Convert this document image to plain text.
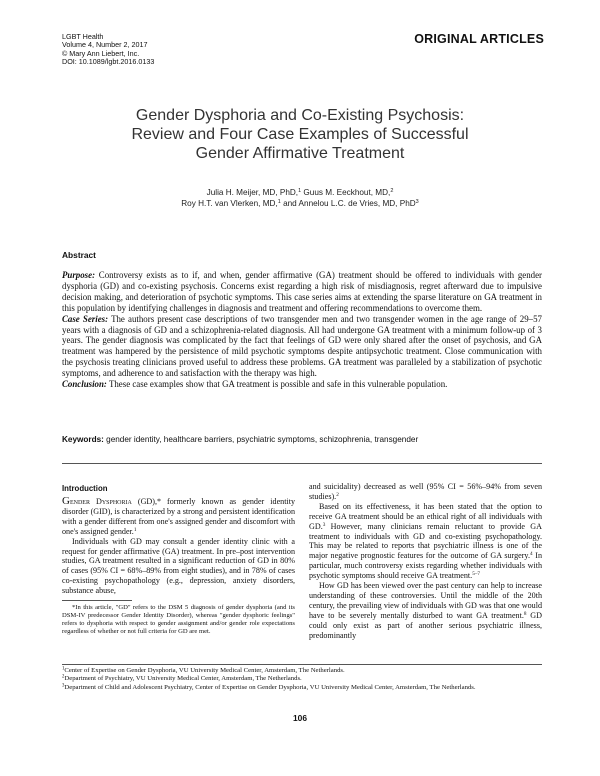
LGBT Health
Volume 4, Number 2, 2017
© Mary Ann Liebert, Inc.
DOI: 10.1089/lgbt.2016.0133
ORIGINAL ARTICLES
Gender Dysphoria and Co-Existing Psychosis:
Review and Four Case Examples of Successful
Gender Affirmative Treatment
Julia H. Meijer, MD, PhD,$^1$ Guus M. Eeckhout, MD,$^2$
Roy H.T. van Vlerken, MD,$^1$ and Annelou L.C. de Vries, MD, PhD$^3$
Abstract

Purpose: Controversy exists as to if, and when, gender affirmative (GA) treatment should be offered to individuals with gender dysphoria (GD) and co-existing psychosis. Concerns exist regarding a high risk of misdiagnosis, regret afterward due to impulsive decision making, and deterioration of psychotic symptoms. This case series aims at extending the sparse literature on GA treatment in this population by identifying challenges in diagnosis and treatment and offering recommendations to overcome them.

Case Series: The authors present case descriptions of two transgender men and two transgender women in the age range of 29–57 years with a diagnosis of GD and a schizophrenia-related diagnosis. All had undergone GA treatment with a minimum follow-up of 3 years. The gender diagnosis was complicated by the fact that feelings of GD were only shared after the onset of psychosis, and GA treatment was hampered by the persistence of mild psychotic symptoms despite antipsychotic treatment. Close communication with the psychosis treating clinicians proved useful to address these problems. GA treatment was paralleled by a stabilization of psychotic symptoms, and adherence to and satisfaction with the therapy was high.

Conclusion: These case examples show that GA treatment is possible and safe in this vulnerable population.

Keywords: gender identity, healthcare barriers, psychiatric symptoms, schizophrenia, transgender
Introduction

Gender Dysphoria (GD),* formerly known as gender identity disorder (GID), is characterized by a strong and persistent identification with a gender different from one's assigned gender and discomfort with one's assigned gender.$^1$

Individuals with GD may consult a gender identity clinic with a request for gender affirmative (GA) treatment. In pre–post intervention studies, GA treatment resulted in a significant reduction of GD in 80% of cases (95% CI = 68%–89% from eight studies), and in 78% of cases co-existing psychopathology (e.g., depression, anxiety disorders, substance abuse,

*In this article, "GD" refers to the DSM 5 diagnosis of gender dysphoria (and its DSM-IV predecessor Gender Identity Disorder), whereas "gender dysphoric feelings" refers to dysphoria with respect to gender assignment and/or gender role expectations regardless of whether or not full criteria for GD are met.

and suicidality) decreased as well (95% CI = 56%–94% from seven studies).$^2$

Based on its effectiveness, it has been stated that the option to receive GA treatment should be an ethical right of all individuals with GD.$^3$ However, many clinicians remain reluctant to provide GA treatment to individuals with GD and co-existing psychopathology. This may be related to reports that psychiatric illness is one of the major negative prognostic features for the outcome of GA surgery.$^4$ In particular, much controversy exists regarding whether individuals with psychotic symptoms should receive GA treatment.$^{5-7}$

How GD has been viewed over the past century can help to increase understanding of these controversies. Until the middle of the 20th century, the prevailing view of individuals with GD was that one would have to be severely mentally disturbed to want GA treatment.$^8$ GD could only exist as part of another serious psychiatric illness, predominantly

$^1$Center of Expertise on Gender Dysphoria, VU University Medical Center, Amsterdam, The Netherlands.
$^2$Department of Psychiatry, VU University Medical Center, Amsterdam, The Netherlands.
$^3$Department of Child and Adolescent Psychiatry, Center of Expertise on Gender Dysphoria, VU University Medical Center, Amsterdam, The Netherlands.
106
